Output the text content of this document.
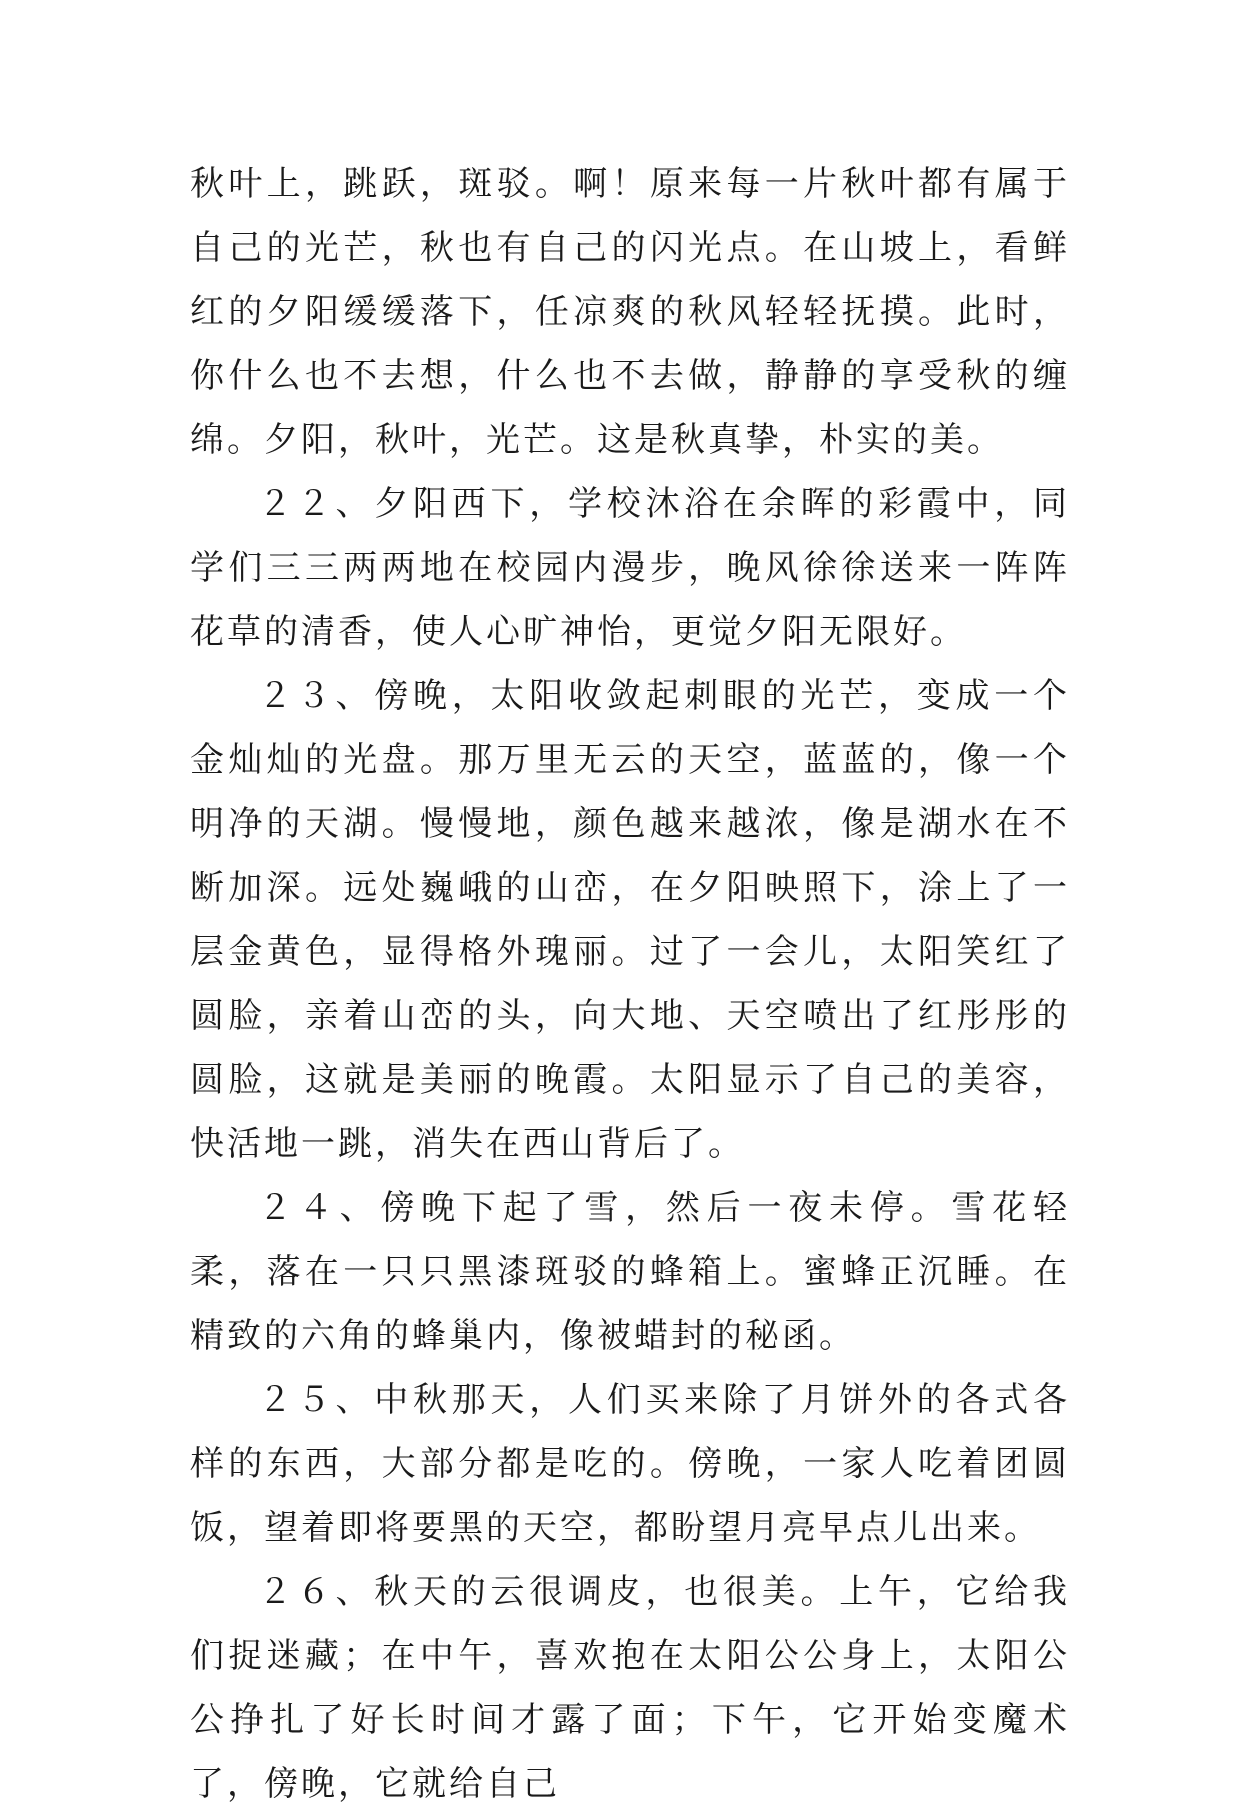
秋叶上，跳跃，斑驳。啊！原来每一片秋叶都有属于自己的光芒，秋也有自己的闪光点。在山坡上，看鲜红的夕阳缓缓落下，任凉爽的秋风轻轻抚摸。此时，你什么也不去想，什么也不去做，静静的享受秋的缠绵。夕阳，秋叶，光芒。这是秋真挚，朴实的美。

２２、夕阳西下，学校沐浴在余晖的彩霞中，同学们三三两两地在校园内漫步，晚风徐徐送来一阵阵花草的清香，使人心旷神怡，更觉夕阳无限好。

２３、傍晚，太阳收敛起刺眼的光芒，变成一个金灿灿的光盘。那万里无云的天空，蓝蓝的，像一个明净的天湖。慢慢地，颜色越来越浓，像是湖水在不断加深。远处巍峨的山峦，在夕阳映照下，涂上了一层金黄色，显得格外瑰丽。过了一会儿，太阳笑红了圆脸，亲着山峦的头，向大地、天空喷出了红彤彤的圆脸，这就是美丽的晚霞。太阳显示了自己的美容，快活地一跳，消失在西山背后了。

２４、傍晚下起了雪，然后一夜未停。雪花轻柔，落在一只只黑漆斑驳的蜂箱上。蜜蜂正沉睡。在精致的六角的蜂巢内，像被蜡封的秘函。

２５、中秋那天，人们买来除了月饼外的各式各样的东西，大部分都是吃的。傍晚，一家人吃着团圆饭，望着即将要黑的天空，都盼望月亮早点儿出来。

２６、秋天的云很调皮，也很美。上午，它给我们捉迷藏；在中午，喜欢抱在太阳公公身上，太阳公公挣扎了好长时间才露了面；下午，它开始变魔术了，傍晚，它就给自己
